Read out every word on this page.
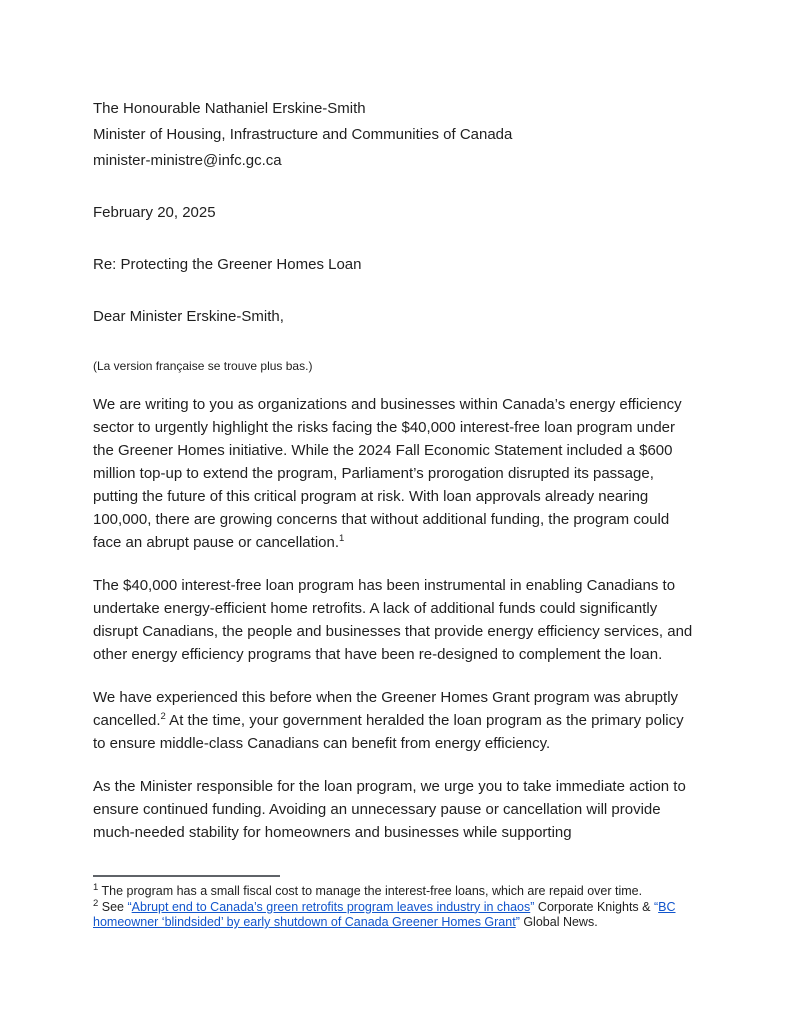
The Honourable Nathaniel Erskine-Smith
Minister of Housing, Infrastructure and Communities of Canada
minister-ministre@infc.gc.ca
February 20, 2025
Re: Protecting the Greener Homes Loan
Dear Minister Erskine-Smith,
(La version française se trouve plus bas.)

We are writing to you as organizations and businesses within Canada’s energy efficiency sector to urgently highlight the risks facing the $40,000 interest-free loan program under the Greener Homes initiative. While the 2024 Fall Economic Statement included a $600 million top-up to extend the program, Parliament’s prorogation disrupted its passage, putting the future of this critical program at risk. With loan approvals already nearing 100,000, there are growing concerns that without additional funding, the program could face an abrupt pause or cancellation.$^1$

The $40,000 interest-free loan program has been instrumental in enabling Canadians to undertake energy-efficient home retrofits. A lack of additional funds could significantly disrupt Canadians, the people and businesses that provide energy efficiency services, and other energy efficiency programs that have been re-designed to complement the loan.

We have experienced this before when the Greener Homes Grant program was abruptly cancelled.$^2$ At the time, your government heralded the loan program as the primary policy to ensure middle-class Canadians can benefit from energy efficiency.

As the Minister responsible for the loan program, we urge you to take immediate action to ensure continued funding. Avoiding an unnecessary pause or cancellation will provide much-needed stability for homeowners and businesses while supporting

$^1$ The program has a small fiscal cost to manage the interest-free loans, which are repaid over time.

$^2$ See “Abrupt end to Canada’s green retrofits program leaves industry in chaos” Corporate Knights & “BC homeowner ‘blindsided’ by early shutdown of Canada Greener Homes Grant” Global News.
